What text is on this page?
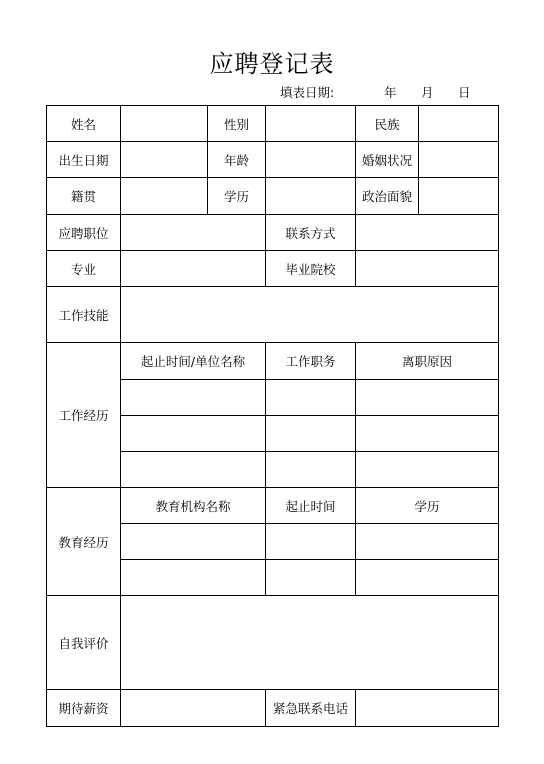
应聘登记表
填表日期:	年 月 日
姓名		性别		民族	
出生日期		年龄		婚姻状况	
籍贯		学历		政治面貌	
应聘职位			联系方式		
专业			毕业院校		
工作技能					
工作经历	起止时间/单位名称		工作职务	离职原因	

教育经历	教育机构名称		起止时间	学历	

自我评价					
期待薪资			紧急联系电话		
